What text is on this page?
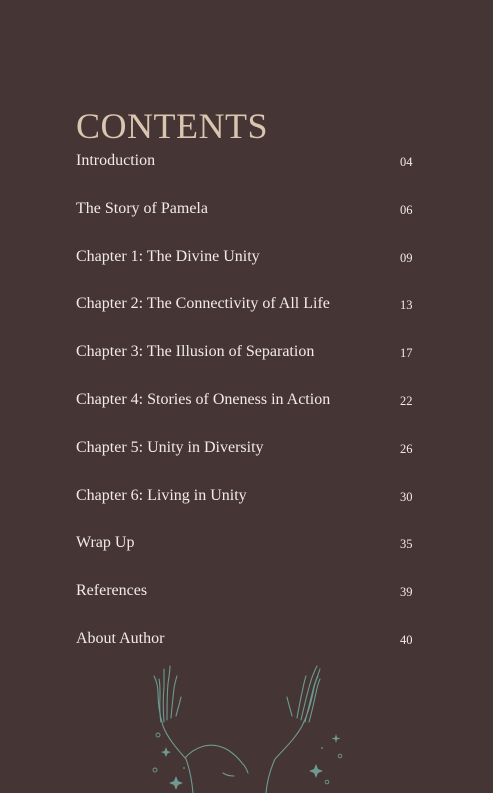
CONTENTS
Introduction	04
The Story of Pamela	06
Chapter 1: The Divine Unity	09
Chapter 2: The Connectivity of All Life	13
Chapter 3: The Illusion of Separation	17
Chapter 4: Stories of Oneness in Action	22
Chapter 5: Unity in Diversity	26
Chapter 6: Living in Unity	30
Wrap Up	35
References	39
About Author	40
